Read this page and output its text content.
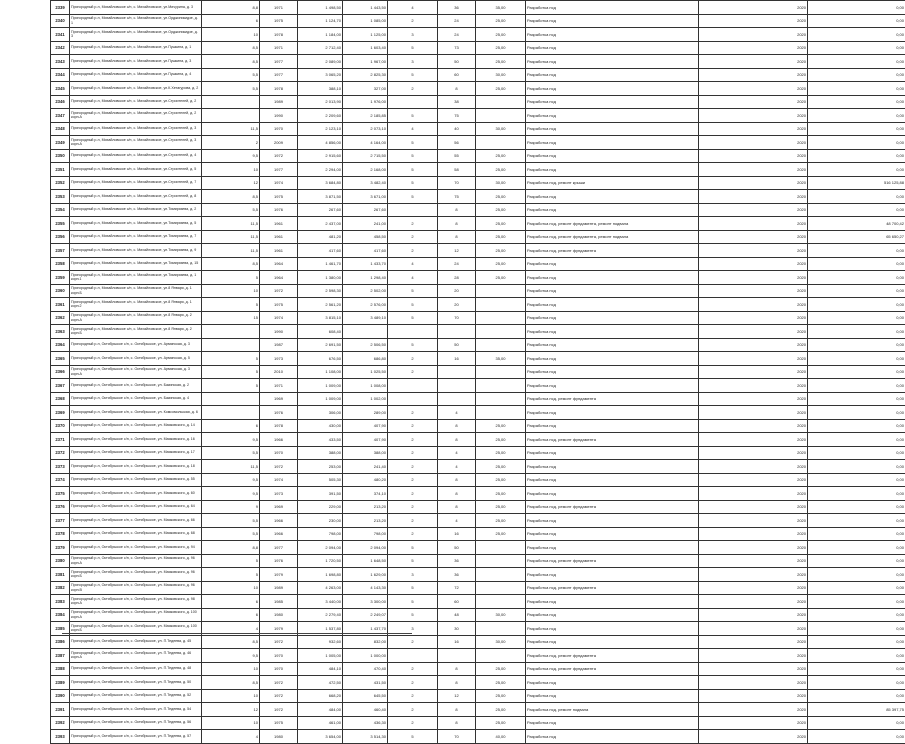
2339	Пригородный р-н, Михайловское с/п, с. Михайловское, ул.Мичурина, д. 3	8,8	1971	1 498,50	1 443,50	4	36	35,00	Разработка псд	2020	0,00
2340	Пригородный р-н, Михайловское с/п, с. Михайловское, ул.Орджоникидзе, д. 1	6	1975	1 124,70	1 085,00	2	24	25,00	Разработка псд	2020	0,00
2341	Пригородный р-н, Михайловское с/п, с. Михайловское, ул.Орджоникидзе, д. 3	10	1978	1 184,00	1 125,00	3	24	25,00	Разработка псд	2020	0,00
2342	Пригородный р-н, Михайловское с/п, с. Михайловское, ул.Пушкина, д. 1	8,5	1971	2 712,40	1 603,40	5	73	25,00	Разработка псд	2020	0,00
2343	Пригородный р-н, Михайловское с/п, с. Михайловское, ул.Пушкина, д. 3	8,5	1977	2 089,00	1 967,00	3	50	25,00	Разработка псд	2020	0,00
2344	Пригородный р-н, Михайловское с/п, с. Михайловское, ул.Пушкина, д. 4	5,5	1977	3 065,20	2 825,30	5	60	30,00	Разработка псд	2020	0,00
2345	Пригородный р-н, Михайловское с/п, с. Михайловское, ул.К.Хетагурова, д. 2	5,5	1978	388,10	327,00	2	8	25,00	Разработка псд	2020	0,00
2346	Пригородный р-н, Михайловское с/п, с. Михайловское, ул.Строителей, д. 2		1989	2 013,90	1 976,00		38		Разработка псд	2020	0,00
2347	Пригородный р-н, Михайловское с/п, с. Михайловское, ул.Строителей, д. 2 корп.А		1990	2 209,60	2 185,85	5	75		Разработка псд	2020	0,00
2348	Пригородный р-н, Михайловское с/п, с. Михайловское, ул.Строителей, д. 3	11,5	1970	2 123,10	2 073,10	4	40	30,00	Разработка псд	2020	0,00
2349	Пригородный р-н, Михайловское с/п, с. Михайловское, ул.Строителей, д. 3 корп.А	2	2009	4 856,00	4 164,00	5	56		Разработка псд	2020	0,00
2350	Пригородный р-н, Михайловское с/п, с. Михайловское, ул.Строителей, д. 4	9,5	1972	2 915,60	2 715,50	5	55	25,00	Разработка псд	2020	0,00
2351	Пригородный р-н, Михайловское с/п, с. Михайловское, ул.Строителей, д. 5	10	1977	2 294,00	2 168,00	5	58	25,00	Разработка псд	2020	0,00
2352	Пригородный р-н, Михайловское с/п, с. Михайловское, ул.Строителей, д. 7	12	1974	3 684,80	3 482,40	5	70	30,00	Разработка псд, ремонт крыши	2020	516 125,88
2353	Пригородный р-н, Михайловское с/п, с. Михайловское, ул.Строителей, д. 8	8,5	1975	3 871,50	3 671,00	5	75	25,00	Разработка псд	2020	0,00
2354	Пригородный р-н, Михайловское с/п, с. Михайловское, ул.Тимирязева, д. 2	5,5	1976	267,60	267,60		8	25,00	Разработка псд	2020	0,00
2355	Пригородный р-н, Михайловское с/п, с. Михайловское, ул.Тимирязева, д. 5	11,5	1961	2 437,00	241,00	2	8	25,00	Разработка псд, ремонт фундамента, ремонт подвала	2020	48 700,42
2356	Пригородный р-н, Михайловское с/п, с. Михайловское, ул.Тимирязева, д. 7	11,5	1961	481,20	458,50	2	8	25,00	Разработка псд, ремонт фундамента, ремонт подвала	2020	65 650,27
2357	Пригородный р-н, Михайловское с/п, с. Михайловское, ул.Тимирязева, д. 9	11,5	1961	417,60	417,60	2	12	25,00	Разработка псд, ремонт фундамента	2020	0,00
2358	Пригородный р-н, Михайловское с/п, с. Михайловское, ул.Тимирязева, д. 15	8,5	1964	1 461,70	1 433,70	4	24	25,00	Разработка псд	2020	0,00
2359	Пригородный р-н, Михайловское с/п, с. Михайловское, ул.Тимирязева, д. 1 корп.1	5	1964	1 380,00	1 298,40	4	28	25,00	Разработка псд	2020	0,00
2360	Пригородный р-н, Михайловское с/п, с. Михайловское, ул.8 Января, д. 1 корп.Б	10	1972	2 598,30	2 502,00	5	20		Разработка псд	2020	0,00
2361	Пригородный р-н, Михайловское с/п, с. Михайловское, ул.8 Января, д. 1 корп.2	5	1975	2 561,20	2 576,00	5	20		Разработка псд	2020	0,00
2362	Пригородный р-н, Михайловское с/п, с. Михайловское, ул.8 Января, д. 2 корп.А	15	1974	3 815,10	3 489,10	5	70		Разработка псд	2020	0,00
2363	Пригородный р-н, Михайловское с/п, с. Михайловское, ул.8 Января, д. 2 корп.Б		1990	608,40					Разработка псд	2020	0,00
2364	Пригородный р-н, Октябрьское с/п, с. Октябрьское, ул. Армянская, д. 3		1987	2 691,50	2 506,50	5	50		Разработка псд	2020	0,00
2365	Пригородный р-н, Октябрьское с/п, с. Октябрьское, ул. Армянская, д. 5	5	1973	676,50	686,80	2	16	35,00	Разработка псд	2020	0,00
2366	Пригородный р-н, Октябрьское с/п, с. Октябрьское, ул. Армянская, д. 3 корп.А	5	2010	1 108,00	1 025,50	2			Разработка псд	2020	0,00
2367	Пригородный р-н, Октябрьское с/п, с. Октябрьское, ул. Бакинская, д. 2	5	1971	1 009,00	1 008,00				Разработка псд	2020	0,00
2368	Пригородный р-н, Октябрьское с/п, с. Октябрьское, ул. Бакинская, д. 4		1969	1 009,00	1 002,00				Разработка псд, ремонт фундамента	2020	0,00
2369	Пригородный р-н, Октябрьское с/п, с. Октябрьское, ул. Комсомольская, д. 6		1976	306,00	289,00	2	4		Разработка псд	2020	0,00
2370	Пригородный р-н, Октябрьское с/п, с. Октябрьское, ул. Маяковского, д. 14	6	1978	430,00	407,90	2	8	25,00	Разработка псд	2020	0,00
2371	Пригородный р-н, Октябрьское с/п, с. Октябрьское, ул. Маяковского, д. 16	9,5	1966	433,50	407,90	2	8	25,00	Разработка псд, ремонт фундамента	2020	0,00
2372	Пригородный р-н, Октябрьское с/п, с. Октябрьское, ул. Маяковского, д. 17	5,5	1970	388,00	388,00	2	4	25,00	Разработка псд	2020	0,00
2373	Пригородный р-н, Октябрьское с/п, с. Октябрьское, ул. Маяковского, д. 18	11,5	1972	253,00	241,40	2	4	25,00	Разработка псд	2020	0,00
2374	Пригородный р-н, Октябрьское с/п, с. Октябрьское, ул. Маяковского, д. 55	9,5	1974	505,30	480,20	2	8	25,00	Разработка псд	2020	0,00
2375	Пригородный р-н, Октябрьское с/п, с. Октябрьское, ул. Маяковского, д. 60	9,5	1973	391,50	374,10	2	8	25,00	Разработка псд	2020	0,00
2376	Пригородный р-н, Октябрьское с/п, с. Октябрьское, ул. Маяковского, д. 64	9	1969	229,00	213,20	2	8	25,00	Разработка псд, ремонт фундамента	2020	0,00
2377	Пригородный р-н, Октябрьское с/п, с. Октябрьское, ул. Маяковского, д. 66	5,5	1966	230,00	213,20	2	4	25,00	Разработка псд	2020	0,00
2378	Пригородный р-н, Октябрьское с/п, с. Октябрьское, ул. Маяковского, д. 68	5,5	1966	798,00	798,00	2	16	25,00	Разработка псд	2020	0,00
2379	Пригородный р-н, Октябрьское с/п, с. Октябрьское, ул. Маяковского, д. 94	8,8	1977	2 094,00	2 094,00	5	50		Разработка псд	2020	0,00
2380	Пригородный р-н, Октябрьское с/п, с. Октябрьское, ул. Маяковского, д. 96 корп.А	5	1976	1 720,50	1 648,50	5	36		Разработка псд, ремонт фундамента	2020	0,00
2381	Пригородный р-н, Октябрьское с/п, с. Октябрьское, ул. Маяковского, д. 96 корп.Б	5	1979	1 698,80	1 629,00	3	36		Разработка псд	2020	0,00
2382	Пригородный р-н, Октябрьское с/п, с. Октябрьское, ул. Маяковского, д. 96 корп.В	10	1989	4 263,00	4 143,30	5	72		Разработка псд, ремонт фундамента	2020	0,00
2383	Пригородный р-н, Октябрьское с/п, с. Октябрьское, ул. Маяковского, д. 98 корп.А	6	1985	3 440,00	3 300,00	5	60		Разработка псд	2020	0,00
2384	Пригородный р-н, Октябрьское с/п, с. Октябрьское, ул. Маяковского, д. 100 корп.А	6	1980	2 279,40	2 249,07	5	48	30,00	Разработка псд	2020	0,00
2385	Пригородный р-н, Октябрьское с/п, с. Октябрьское, ул. Маяковского, д. 100 корп.Б	4	1979	1 537,80	1 437,70	3	30		Разработка псд	2020	0,00
2386	Пригородный р-н, Октябрьское с/п, с. Октябрьское, ул. П.Тедеева, д. 45	8,5	1972	932,60	832,00	2	16	30,00	Разработка псд	2020	0,00
2387	Пригородный р-н, Октябрьское с/п, с. Октябрьское, ул. П.Тедеева, д. 46 корп.А	9,5	1970	1 005,00	1 000,00				Разработка псд, ремонт фундамента	2020	0,00
2388	Пригородный р-н, Октябрьское с/п, с. Октябрьское, ул. П.Тедеева, д. 48	10	1970	484,10	470,40	2	8	25,00	Разработка псд, ремонт фундамента	2020	0,00
2389	Пригородный р-н, Октябрьское с/п, с. Октябрьское, ул. П.Тедеева, д. 50	8,5	1972	472,50	431,50	2	8	25,00	Разработка псд	2020	0,00
2390	Пригородный р-н, Октябрьское с/п, с. Октябрьское, ул. П.Тедеева, д. 52	10	1972	668,20	645,50	2	12	25,00	Разработка псд	2020	0,00
2391	Пригородный р-н, Октябрьское с/п, с. Октябрьское, ул. П.Тедеева, д. 54	12	1972	484,00	460,40	2	8	25,00	Разработка псд, ремонт подвала	2020	85 397,75
2392	Пригородный р-н, Октябрьское с/п, с. Октябрьское, ул. П.Тедеева, д. 56	10	1975	461,00	436,30	2	8	25,00	Разработка псд	2020	0,00
2393	Пригородный р-н, Октябрьское с/п, с. Октябрьское, ул. П.Тедеева, д. 57	4	1980	3 654,00	3 514,30	5	70	40,00	Разработка псд	2020	0,00
